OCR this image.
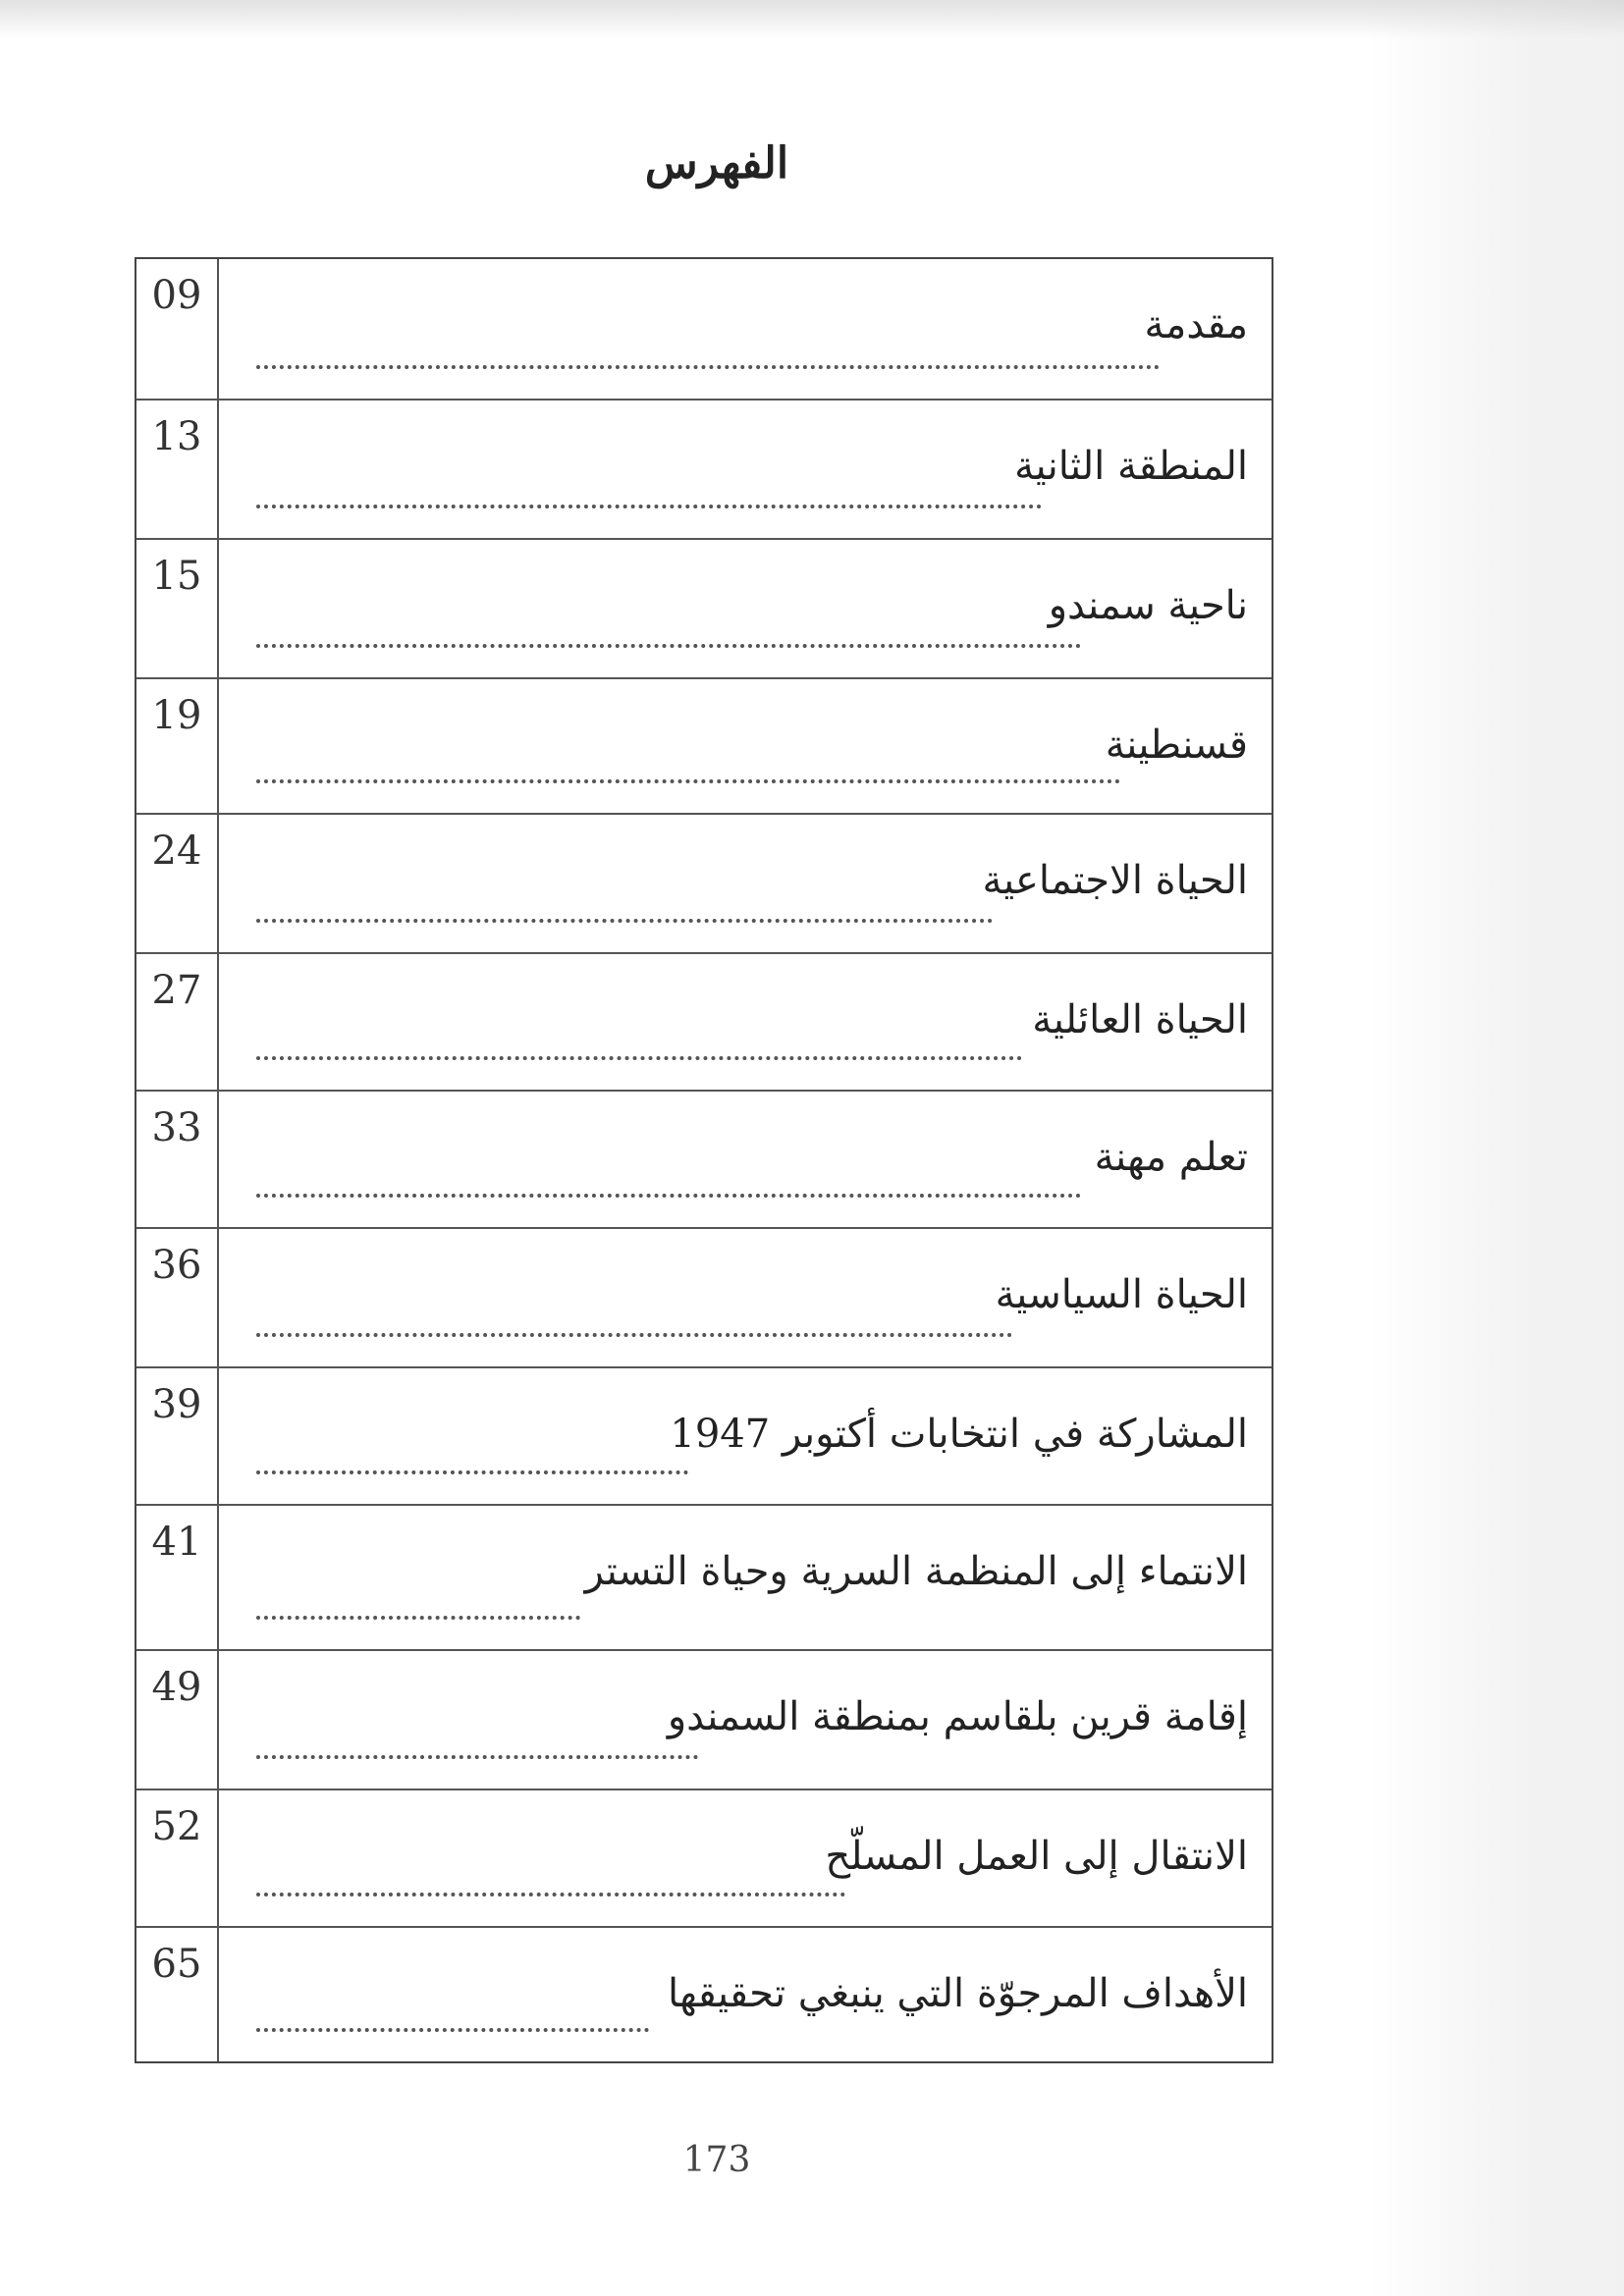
الفهرس
09
مقدمة
13
المنطقة الثانية
15
ناحية سمندو
19
قسنطينة
24
الحياة الاجتماعية
27
الحياة العائلية
33
تعلم مهنة
36
الحياة السياسية
39
المشاركة في انتخابات أكتوبر 1947
41
الانتماء إلى المنظمة السرية وحياة التستر
49
إقامة قرين بلقاسم بمنطقة السمندو
52
الانتقال إلى العمل المسلّح
65
الأهداف المرجوّة التي ينبغي تحقيقها
173
